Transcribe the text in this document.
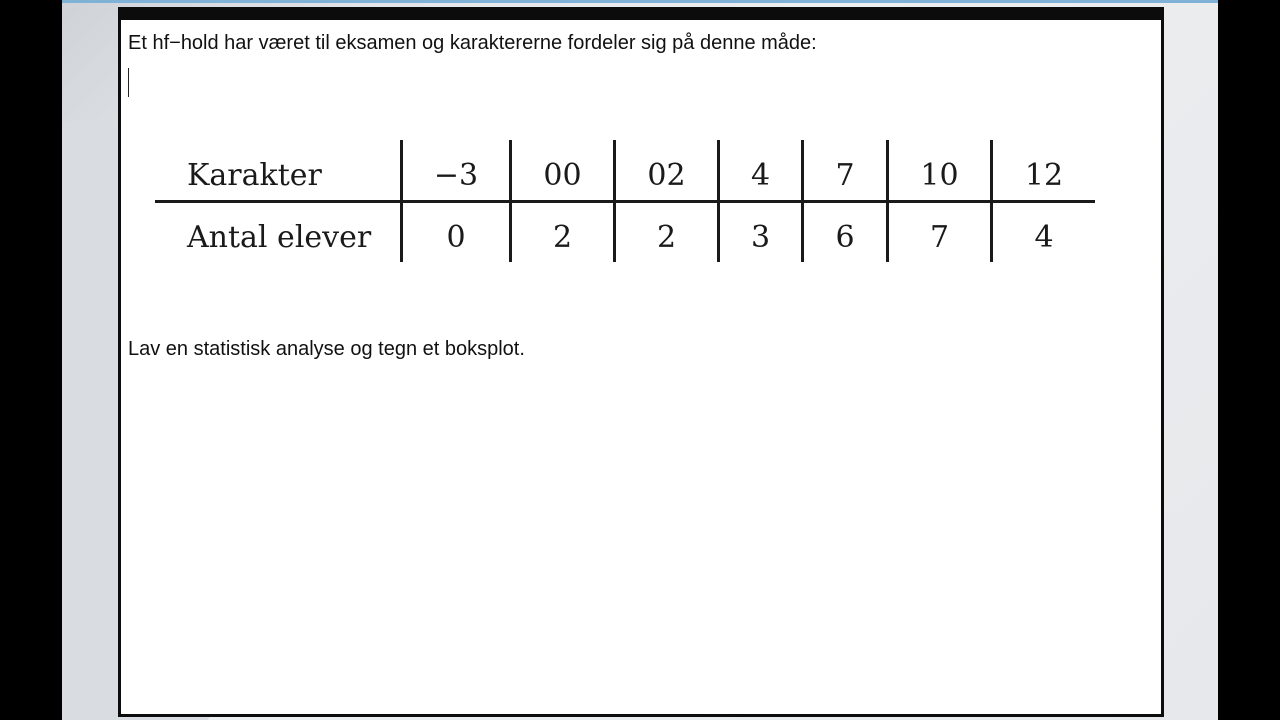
Et hf−hold har været til eksamen og karaktererne fordeler sig på denne måde:

Karakter	−3	00	02	4	7	10	12
Antal elever	0	2	2	3	6	7	4

Lav en statistisk analyse og tegn et boksplot.
